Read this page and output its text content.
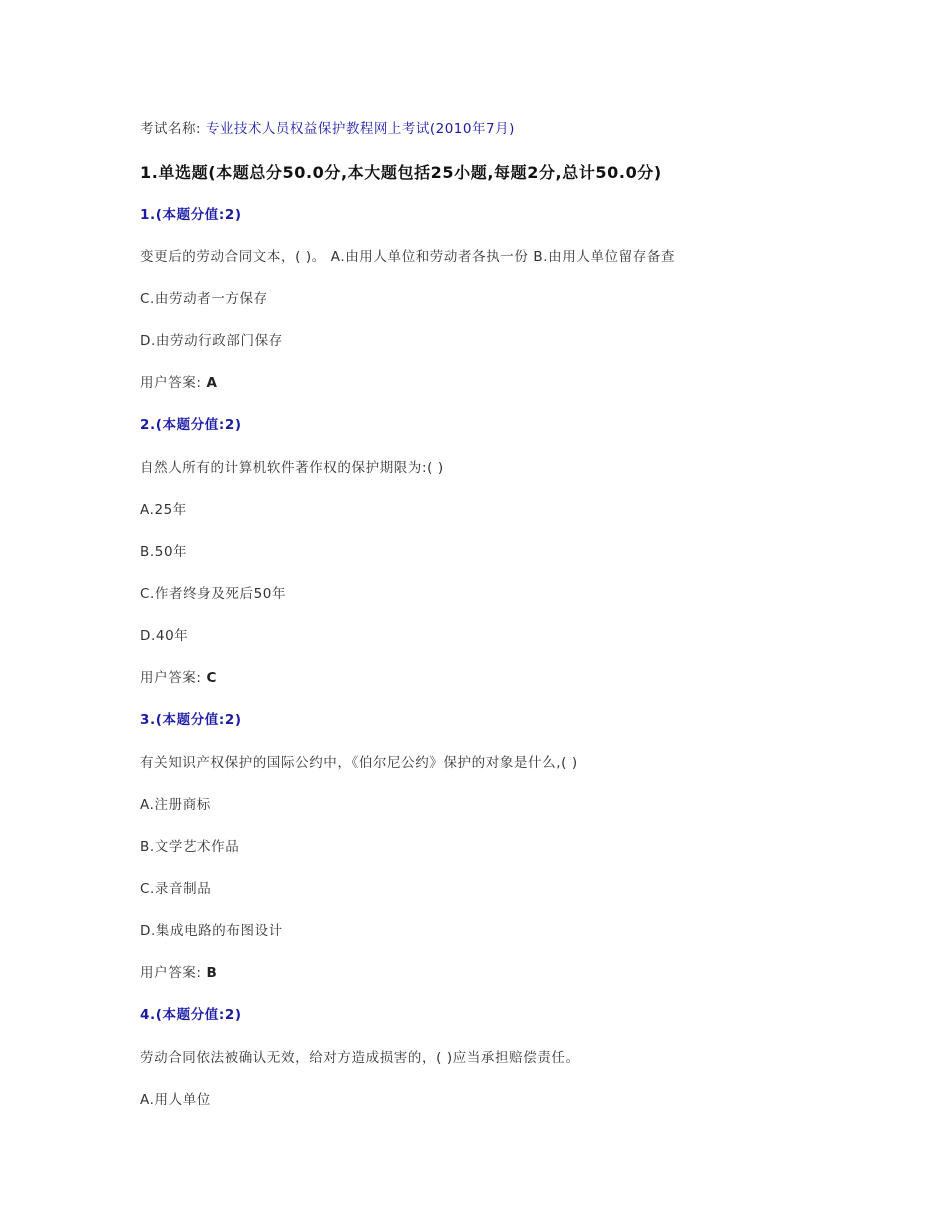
考试名称: 专业技术人员权益保护教程网上考试(2010年7月)
1.单选题(本题总分50.0分,本大题包括25小题,每题2分,总计50.0分)
1.(本题分值:2)
变更后的劳动合同文本，( )。 A.由用人单位和劳动者各执一份 B.由用人单位留存备查
C.由劳动者一方保存
D.由劳动行政部门保存
用户答案: A
2.(本题分值:2)
自然人所有的计算机软件著作权的保护期限为:( )
A.25年
B.50年
C.作者终身及死后50年
D.40年
用户答案: C
3.(本题分值:2)
有关知识产权保护的国际公约中，《伯尔尼公约》保护的对象是什么,( )
A.注册商标
B.文学艺术作品
C.录音制品
D.集成电路的布图设计
用户答案: B
4.(本题分值:2)
劳动合同依法被确认无效，给对方造成损害的，( )应当承担赔偿责任。
A.用人单位
